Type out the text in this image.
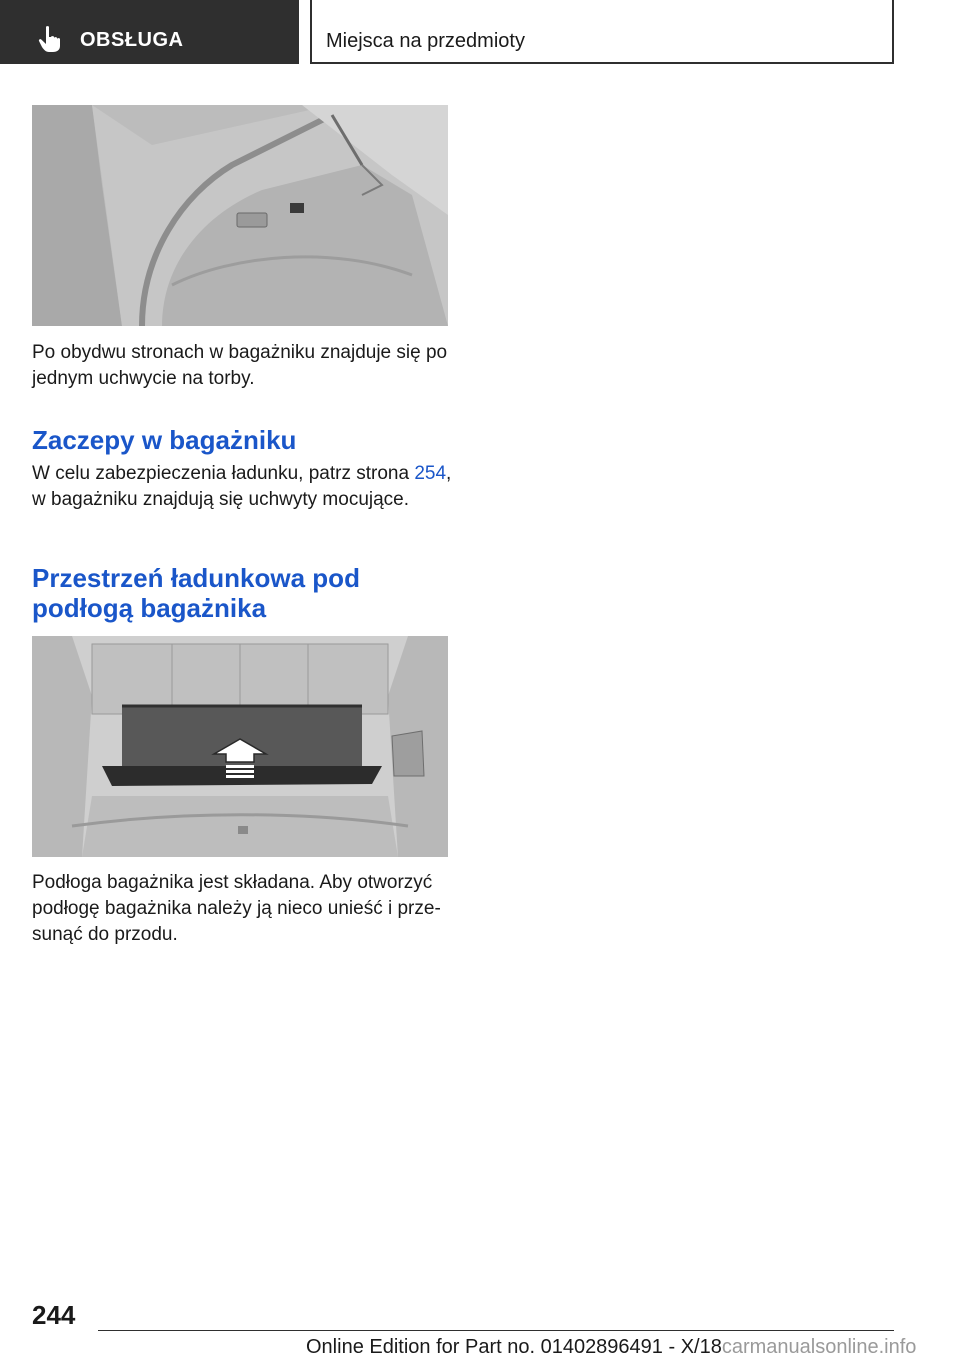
OBSŁUGA	Miejsca na przedmioty
Po obydwu stronach w bagażniku znajduje się po jednym uchwycie na torby.
Zaczepy w bagażniku
W celu zabezpieczenia ładunku, patrz strona 254, w bagażniku znajdują się uchwyty mocujące.
Przestrzeń ładunkowa pod podłogą bagażnika
Podłoga bagażnika jest składana. Aby otworzyć podłogę bagażnika należy ją nieco unieść i przesunąć do przodu.
244
Online Edition for Part no. 01402896491 - X/18carmanualsonline.info
